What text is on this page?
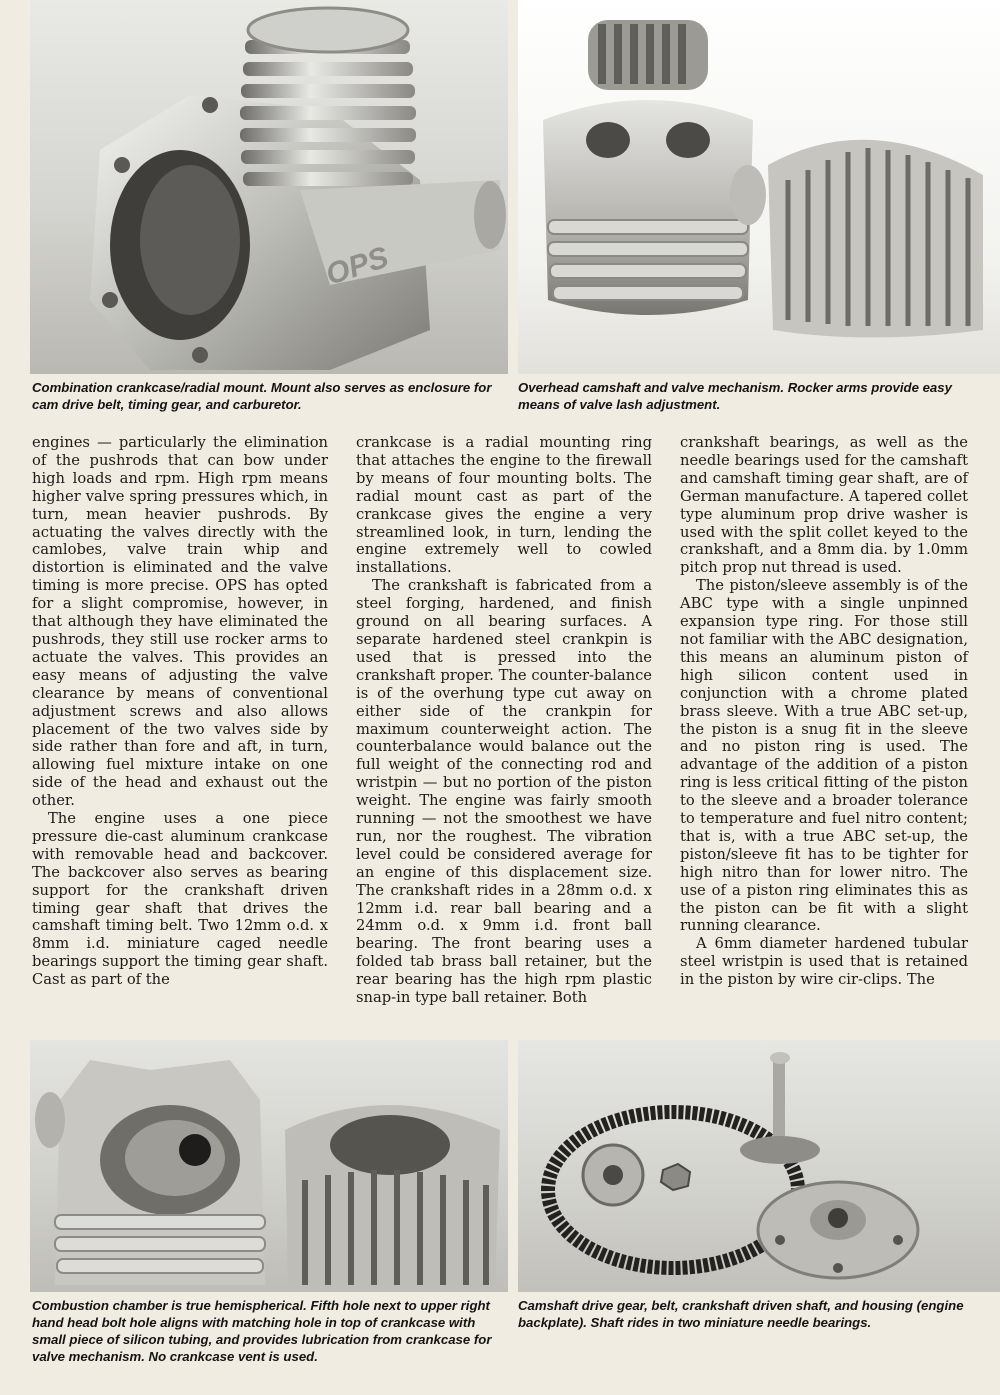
OPS

Combination crankcase/radial mount. Mount also serves as enclosure for cam drive belt, timing gear, and carburetor.

Overhead camshaft and valve mechanism. Rocker arms provide easy means of valve lash adjustment.

engines — particularly the elimination of the pushrods that can bow under high loads and rpm. High rpm means higher valve spring pressures which, in turn, mean heavier pushrods. By actuating the valves directly with the camlobes, valve train whip and distortion is eliminated and the valve timing is more precise. OPS has opted for a slight compromise, however, in that although they have eliminated the pushrods, they still use rocker arms to actuate the valves. This provides an easy means of adjusting the valve clearance by means of conventional adjustment screws and also allows placement of the two valves side by side rather than fore and aft, in turn, allowing fuel mixture intake on one side of the head and exhaust out the other.

The engine uses a one piece pressure die-cast aluminum crankcase with removable head and backcover. The backcover also serves as bearing support for the crankshaft driven timing gear shaft that drives the camshaft timing belt. Two 12mm o.d. x 8mm i.d. miniature caged needle bearings support the timing gear shaft. Cast as part of the

crankcase is a radial mounting ring that attaches the engine to the firewall by means of four mounting bolts. The radial mount cast as part of the crankcase gives the engine a very streamlined look, in turn, lending the engine extremely well to cowled installations.

The crankshaft is fabricated from a steel forging, hardened, and finish ground on all bearing surfaces. A separate hardened steel crankpin is used that is pressed into the crankshaft proper. The counter-balance is of the overhung type cut away on either side of the crankpin for maximum counterweight action. The counterbalance would balance out the full weight of the connecting rod and wristpin — but no portion of the piston weight. The engine was fairly smooth running — not the smoothest we have run, nor the roughest. The vibration level could be considered average for an engine of this displacement size. The crankshaft rides in a 28mm o.d. x 12mm i.d. rear ball bearing and a 24mm o.d. x 9mm i.d. front ball bearing. The front bearing uses a folded tab brass ball retainer, but the rear bearing has the high rpm plastic snap-in type ball retainer. Both

crankshaft bearings, as well as the needle bearings used for the camshaft and camshaft timing gear shaft, are of German manufacture. A tapered collet type aluminum prop drive washer is used with the split collet keyed to the crankshaft, and a 8mm dia. by 1.0mm pitch prop nut thread is used.

The piston/sleeve assembly is of the ABC type with a single unpinned expansion type ring. For those still not familiar with the ABC designation, this means an aluminum piston of high silicon content used in conjunction with a chrome plated brass sleeve. With a true ABC set-up, the piston is a snug fit in the sleeve and no piston ring is used. The advantage of the addition of a piston ring is less critical fitting of the piston to the sleeve and a broader tolerance to temperature and fuel nitro content; that is, with a true ABC set-up, the piston/sleeve fit has to be tighter for high nitro than for lower nitro. The use of a piston ring eliminates this as the piston can be fit with a slight running clearance.

A 6mm diameter hardened tubular steel wristpin is used that is retained in the piston by wire cir-clips. The

Combustion chamber is true hemispherical. Fifth hole next to upper right hand head bolt hole aligns with matching hole in top of crankcase with small piece of silicon tubing, and provides lubrication from crankcase for valve mechanism. No crankcase vent is used.

Camshaft drive gear, belt, crankshaft driven shaft, and housing (engine backplate). Shaft rides in two miniature needle bearings.
